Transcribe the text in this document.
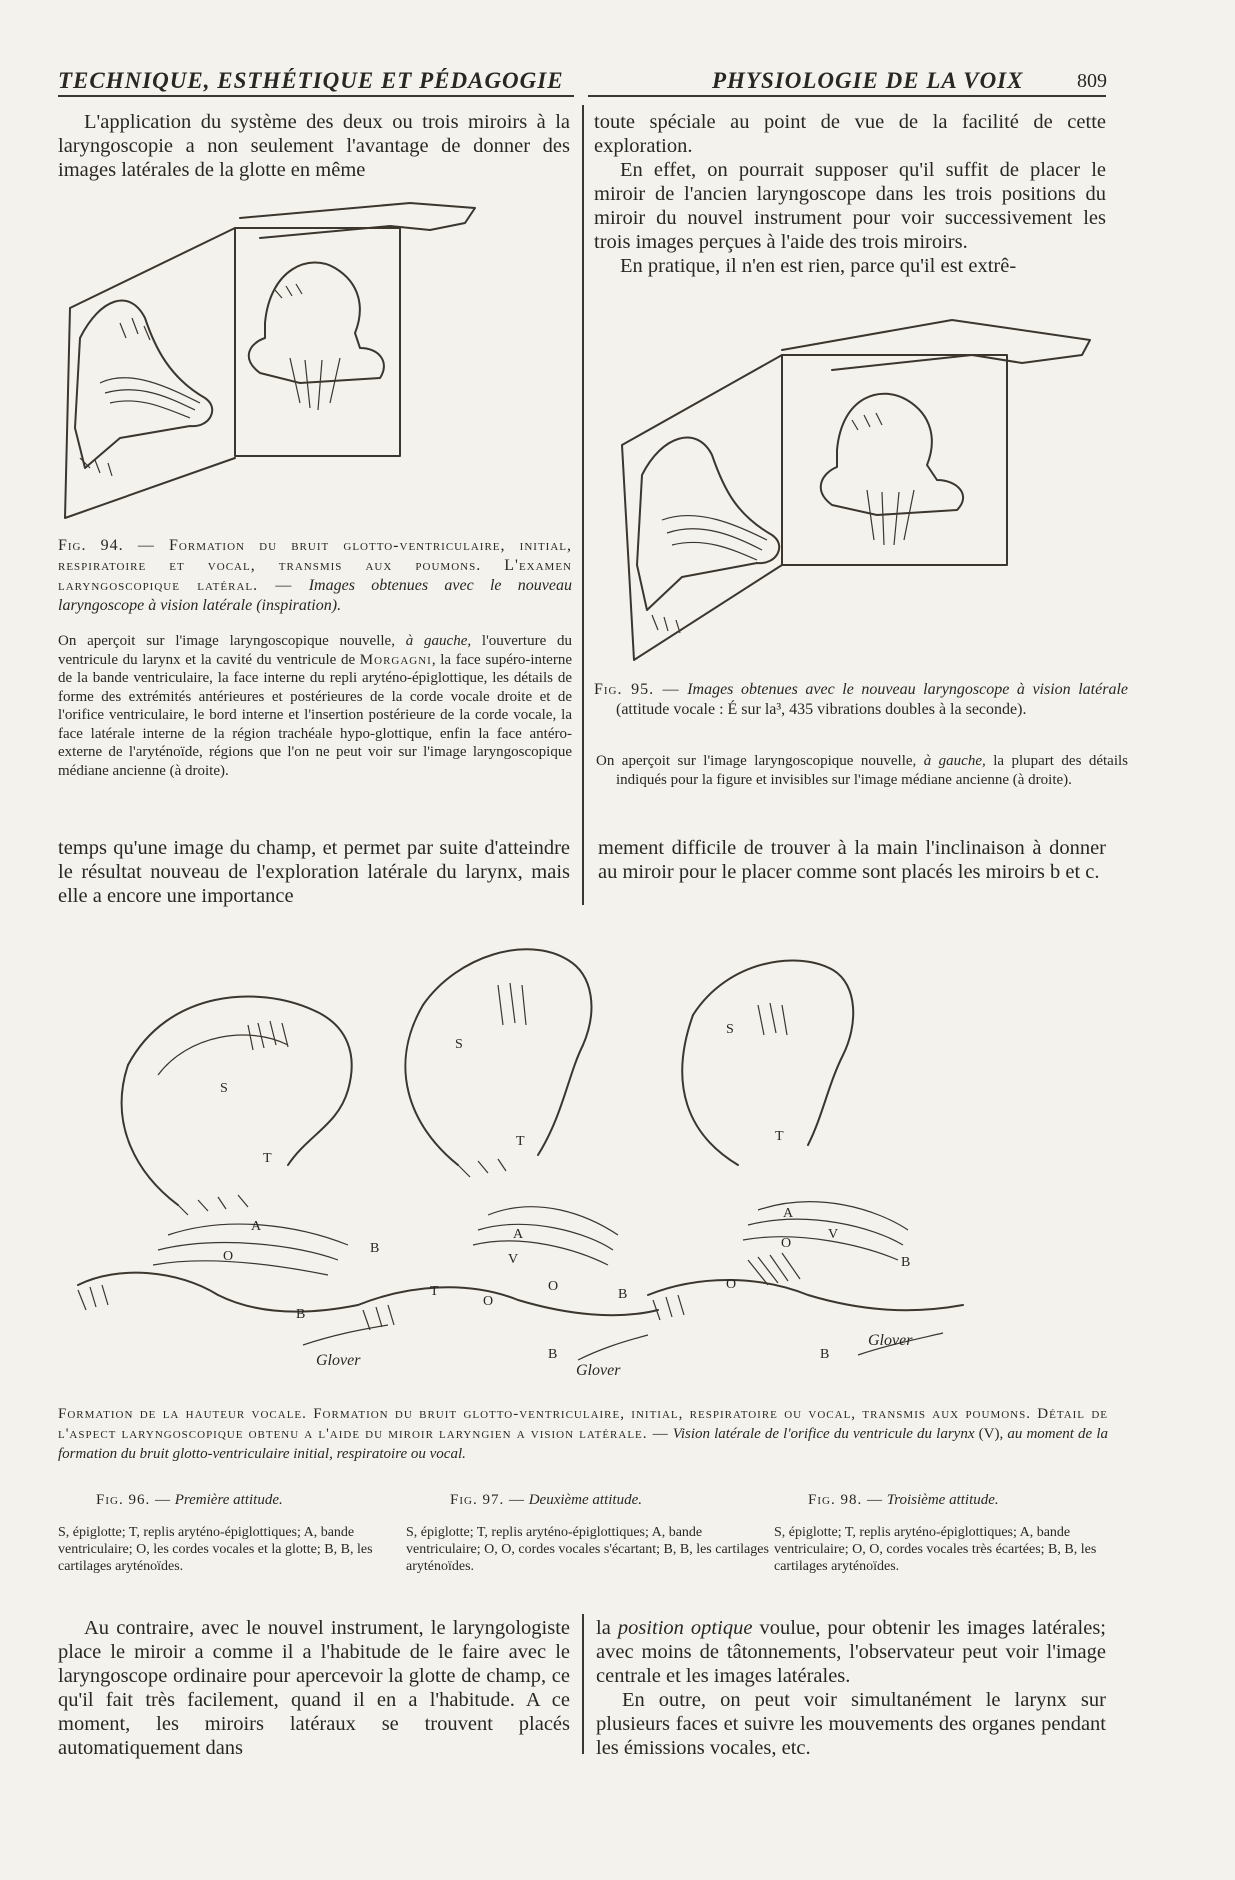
TECHNIQUE, ESTHÉTIQUE ET PÉDAGOGIE	PHYSIOLOGIE DE LA VOIX	809

L'application du système des deux ou trois miroirs à la laryngoscopie a non seulement l'avantage de donner des images latérales de la glotte en même

Fig. 94. — Formation du bruit glotto-ventriculaire, initial, respiratoire et vocal, transmis aux poumons. L'examen laryngoscopique latéral. — Images obtenues avec le nouveau laryngoscope à vision latérale (inspiration).
On aperçoit sur l'image laryngoscopique nouvelle, à gauche, l'ouverture du ventricule du larynx et la cavité du ventricule de Morgagni, la face supéro-interne de la bande ventriculaire, la face interne du repli aryténo-épiglottique, les détails de forme des extrémités antérieures et postérieures de la corde vocale droite et de l'orifice ventriculaire, le bord interne et l'insertion postérieure de la corde vocale, la face latérale interne de la région trachéale hypo-glottique, enfin la face antéro-externe de l'aryténoïde, régions que l'on ne peut voir sur l'image laryngoscopique médiane ancienne (à droite).

temps qu'une image du champ, et permet par suite d'atteindre le résultat nouveau de l'exploration latérale du larynx, mais elle a encore une importance

toute spéciale au point de vue de la facilité de cette exploration.

En effet, on pourrait supposer qu'il suffit de placer le miroir de l'ancien laryngoscope dans les trois positions du miroir du nouvel instrument pour voir successivement les trois images perçues à l'aide des trois miroirs.

En pratique, il n'en est rien, parce qu'il est extrê-

Fig. 95. — Images obtenues avec le nouveau laryngoscope à vision latérale (attitude vocale : É sur la³, 435 vibrations doubles à la seconde).
On aperçoit sur l'image laryngoscopique nouvelle, à gauche, la plupart des détails indiqués pour la figure et invisibles sur l'image médiane ancienne (à droite).

mement difficile de trouver à la main l'inclinaison à donner au miroir pour le placer comme sont placés les miroirs b et c.

S
T
A
O
B
B
Glover
S
T
A
V
O
O
T	B
B
Glover
S
T
A
V
O
O
B
B
Glover
Formation de la hauteur vocale. Formation du bruit glotto-ventriculaire, initial, respiratoire ou vocal, transmis aux poumons. Détail de l'aspect laryngoscopique obtenu a l'aide du miroir laryngien a vision latérale. — Vision latérale de l'orifice du ventricule du larynx (V), au moment de la formation du bruit glotto-ventriculaire initial, respiratoire ou vocal.
Fig. 96. — Première attitude.	Fig. 97. — Deuxième attitude.	Fig. 98. — Troisième attitude.
S, épiglotte; T, replis aryténo-épiglottiques; A, bande ventriculaire; O, les cordes vocales et la glotte; B, B, les cartilages aryténoïdes.
S, épiglotte; T, replis aryténo-épiglottiques; A, bande ventriculaire; O, O, cordes vocales s'écartant; B, B, les cartilages aryténoïdes.
S, épiglotte; T, replis aryténo-épiglottiques; A, bande ventriculaire; O, O, cordes vocales très écartées; B, B, les cartilages aryténoïdes.

Au contraire, avec le nouvel instrument, le laryngologiste place le miroir a comme il a l'habitude de le faire avec le laryngoscope ordinaire pour apercevoir la glotte de champ, ce qu'il fait très facilement, quand il en a l'habitude. A ce moment, les miroirs latéraux se trouvent placés automatiquement dans

la position optique voulue, pour obtenir les images latérales; avec moins de tâtonnements, l'observateur peut voir l'image centrale et les images latérales.

En outre, on peut voir simultanément le larynx sur plusieurs faces et suivre les mouvements des organes pendant les émissions vocales, etc.
